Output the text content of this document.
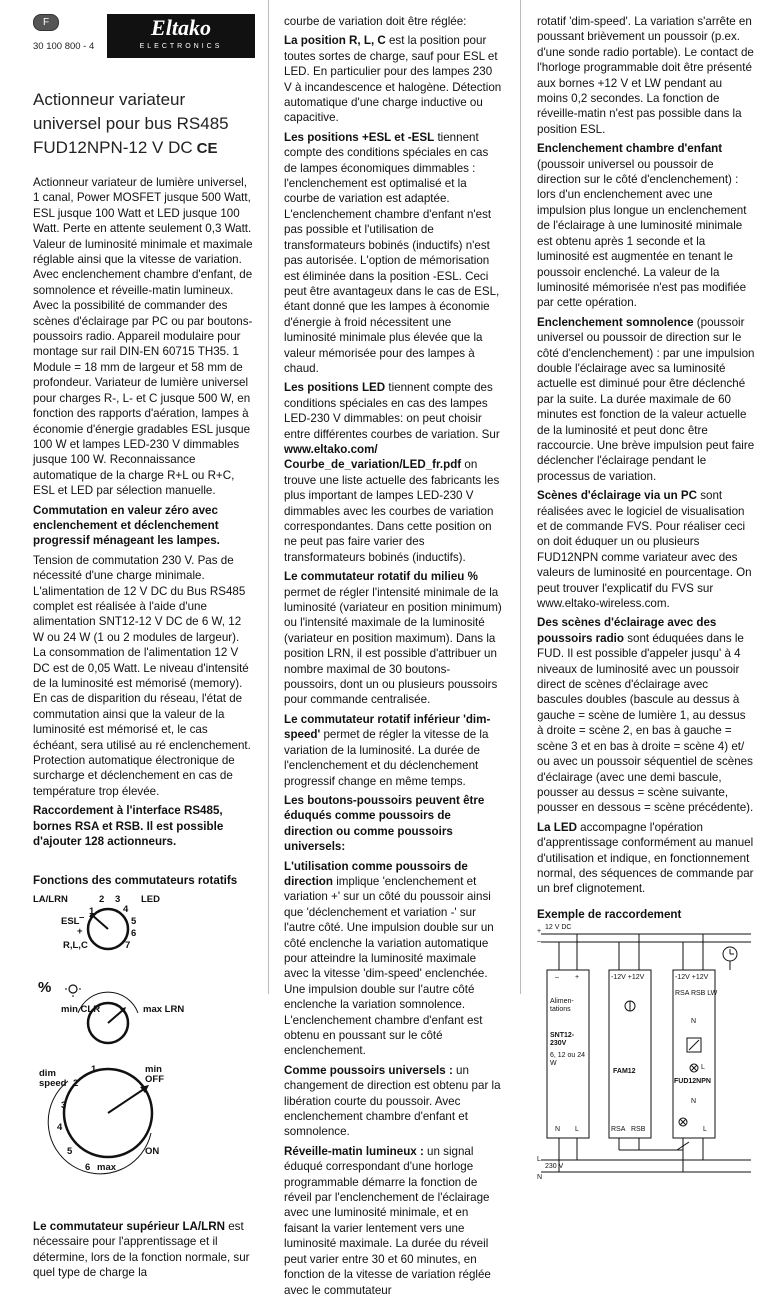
F
30 100 800 - 4
Eltako
ELECTRONICS
Actionneur variateur universel pour bus RS485 FUD12NPN-12 V DC CE

Actionneur variateur de lumière universel, 1 canal, Power MOSFET jusque 500 Watt, ESL jusque 100 Watt et LED jusque 100 Watt. Perte en attente seulement 0,3 Watt. Valeur de luminosité minimale et maximale réglable ainsi que la vitesse de variation. Avec enclenchement chambre d'enfant, de somnolence et réveille-matin lumineux. Avec la possibilité de commander des scènes d'éclairage par PC ou par boutons-poussoirs radio. Appareil modulaire pour montage sur rail DIN-EN 60715 TH35. 1 Module = 18 mm de largeur et 58 mm de profondeur. Variateur de lumière universel pour charges R-, L- et C jusque 500 W, en fonction des rapports d'aération, lampes à économie d'énergie gradables ESL jusque 100 W et lampes LED-230 V dimmables jusque 100 W. Reconnaissance automatique de la charge R+L ou R+C, ESL et LED par sélection manuelle.

Commutation en valeur zéro avec enclenchement et déclenchement progressif ménageant les lampes.

Tension de commutation 230 V. Pas de nécessité d'une charge minimale. L'alimentation de 12 V DC du Bus RS485 complet est réalisée à l'aide d'une alimentation SNT12-12 V DC de 6 W, 12 W ou 24 W (1 ou 2 modules de largeur). La consommation de l'alimentation 12 V DC est de 0,05 Watt. Le niveau d'intensité de la luminosité est mémorisé (memory). En cas de disparition du réseau, l'état de commutation ainsi que la valeur de la luminosité est mémorisé et, le cas échéant, sera utilisé au ré enclenchement. Protection automatique électronique de surcharge et déclenchement en cas de température trop élevée.

Raccordement à l'interface RS485, bornes RSA et RSB. Il est possible d'ajouter 128 actionneurs.

Fonctions des commutateurs rotatifs
LA/LRN
1
2 3
4
5
6
7
LED
ESL
+
–
R,L,C
%
min CLR	max LRN
dim speed
min OFF
1
2
3
4
5
6 max
ON

Le commutateur supérieur LA/LRN est nécessaire pour l'apprentissage et il détermine, lors de la fonction normale, sur quel type de charge la

courbe de variation doit être réglée:

La position R, L, C est la position pour toutes sortes de charge, sauf pour ESL et LED. En particulier pour des lampes 230 V à incandescence et halogène. Détection automatique d'une charge inductive ou capacitive.

Les positions +ESL et -ESL tiennent compte des conditions spéciales en cas de lampes économiques dimmables : l'enclenchement est optimalisé et la courbe de variation est adaptée. L'enclenchement chambre d'enfant n'est pas possible et l'utilisation de transformateurs bobinés (inductifs) n'est pas autorisée. L'option de mémorisation est éliminée dans la position -ESL. Ceci peut être avantageux dans le cas de ESL, étant donné que les lampes à économie d'énergie à froid nécessitent une luminosité minimale plus élevée que la valeur mémorisée pour des lampes à chaud.

Les positions LED tiennent compte des conditions spéciales en cas des lampes LED-230 V dimmables: on peut choisir entre différentes courbes de variation. Sur www.eltako.com/ Courbe_de_variation/LED_fr.pdf on trouve une liste actuelle des fabricants les plus important de lampes LED-230 V dimmables avec les courbes de variation correspondantes. Dans cette position on ne peut pas faire varier des transformateurs bobinés (inductifs).

Le commutateur rotatif du milieu % permet de régler l'intensité minimale de la luminosité (variateur en position minimum) ou l'intensité maximale de la luminosité (variateur en position maximum). Dans la position LRN, il est possible d'attribuer un nombre maximal de 30 boutons-poussoirs, dont un ou plusieurs poussoirs pour commande centralisée.

Le commutateur rotatif inférieur 'dim-speed' permet de régler la vitesse de la variation de la luminosité. La durée de l'enclenchement et du déclenchement progressif change en même temps.

Les boutons-poussoirs peuvent être éduqués comme poussoirs de direction ou comme poussoirs universels:

L'utilisation comme poussoirs de direction implique 'enclenchement et variation +' sur un côté du poussoir ainsi que 'déclenchement et variation -' sur l'autre côté. Une impulsion double sur un côté enclenche la variation automatique pour atteindre la luminosité maximale avec la vitesse 'dim-speed' enclenchée. Une impulsion double sur l'autre côté enclenche la variation somnolence. L'enclenchement chambre d'enfant est obtenu en poussant sur le côté enclenchement.

Comme poussoirs universels : un changement de direction est obtenu par la libération courte du poussoir. Avec enclenchement chambre d'enfant et somnolence.

Réveille-matin lumineux : un signal éduqué correspondant d'une horloge programmable démarre la fonction de réveil par l'enclenchement de l'éclairage avec une luminosité minimale, et en faisant la varier lentement vers une luminosité maximale. La durée du réveil peut varier entre 30 et 60 minutes, en fonction de la vitesse de variation réglée avec le commutateur

rotatif 'dim-speed'. La variation s'arrête en poussant brièvement un poussoir (p.ex. d'une sonde radio portable). Le contact de l'horloge programmable doit être présenté aux bornes +12 V et LW pendant au moins 0,2 secondes. La fonction de réveille-matin n'est pas possible dans la position ESL.

Enclenchement chambre d'enfant (poussoir universel ou poussoir de direction sur le côté d'enclenchement) : lors d'un enclenchement avec une impulsion plus longue un enclenchement de l'éclairage à une luminosité minimale est obtenu après 1 seconde et la luminosité est augmentée en tenant le poussoir enclenché. La valeur de la luminosité mémorisée n'est pas modifiée par cette opération.

Enclenchement somnolence (poussoir universel ou poussoir de direction sur le côté d'enclenchement) : par une impulsion double l'éclairage avec sa luminosité actuelle est diminué pour être déclenché par la suite. La durée maximale de 60 minutes est fonction de la valeur actuelle de la luminosité et peut donc être raccourcie. Une brève impulsion peut faire déclencher l'éclairage pendant le processus de variation.

Scènes d'éclairage via un PC sont réalisées avec le logiciel de visualisation et de commande FVS. Pour réaliser ceci on doit éduquer un ou plusieurs FUD12NPN comme variateur avec des valeurs de luminosité en pourcentage. On peut trouver l'explicatif du FVS sur www.eltako-wireless.com.

Des scènes d'éclairage avec des poussoirs radio sont éduquées dans le FUD. Il est possible d'appeler jusqu' à 4 niveaux de luminosité avec un poussoir direct de scènes d'éclairage avec bascules doubles (bascule au dessus à gauche = scène de lumière 1, au dessus à droite = scène 2, en bas à gauche = scène 3 et en bas à droite = scène 4) et/ ou avec un poussoir séquentiel de scènes d'éclairage (avec une demi bascule, pousser au dessus = scène suivante, pousser en dessous = scène précédente).

La LED accompagne l'opération d'apprentissage conformément au manuel d'utilisation et indique, en fonctionnement normal, des séquences de commande par un bref clignotement.

Exemple de raccordement
+
–
12 V DC
L
N
230 V
– +
Alimen-tations
SNT12-230V
6, 12 ou 24 W
N L
-12V +12V
FAM12
RSA RSB
-12V +12V
RSA RSB LW
N
L
FUD12NPN
N
L
